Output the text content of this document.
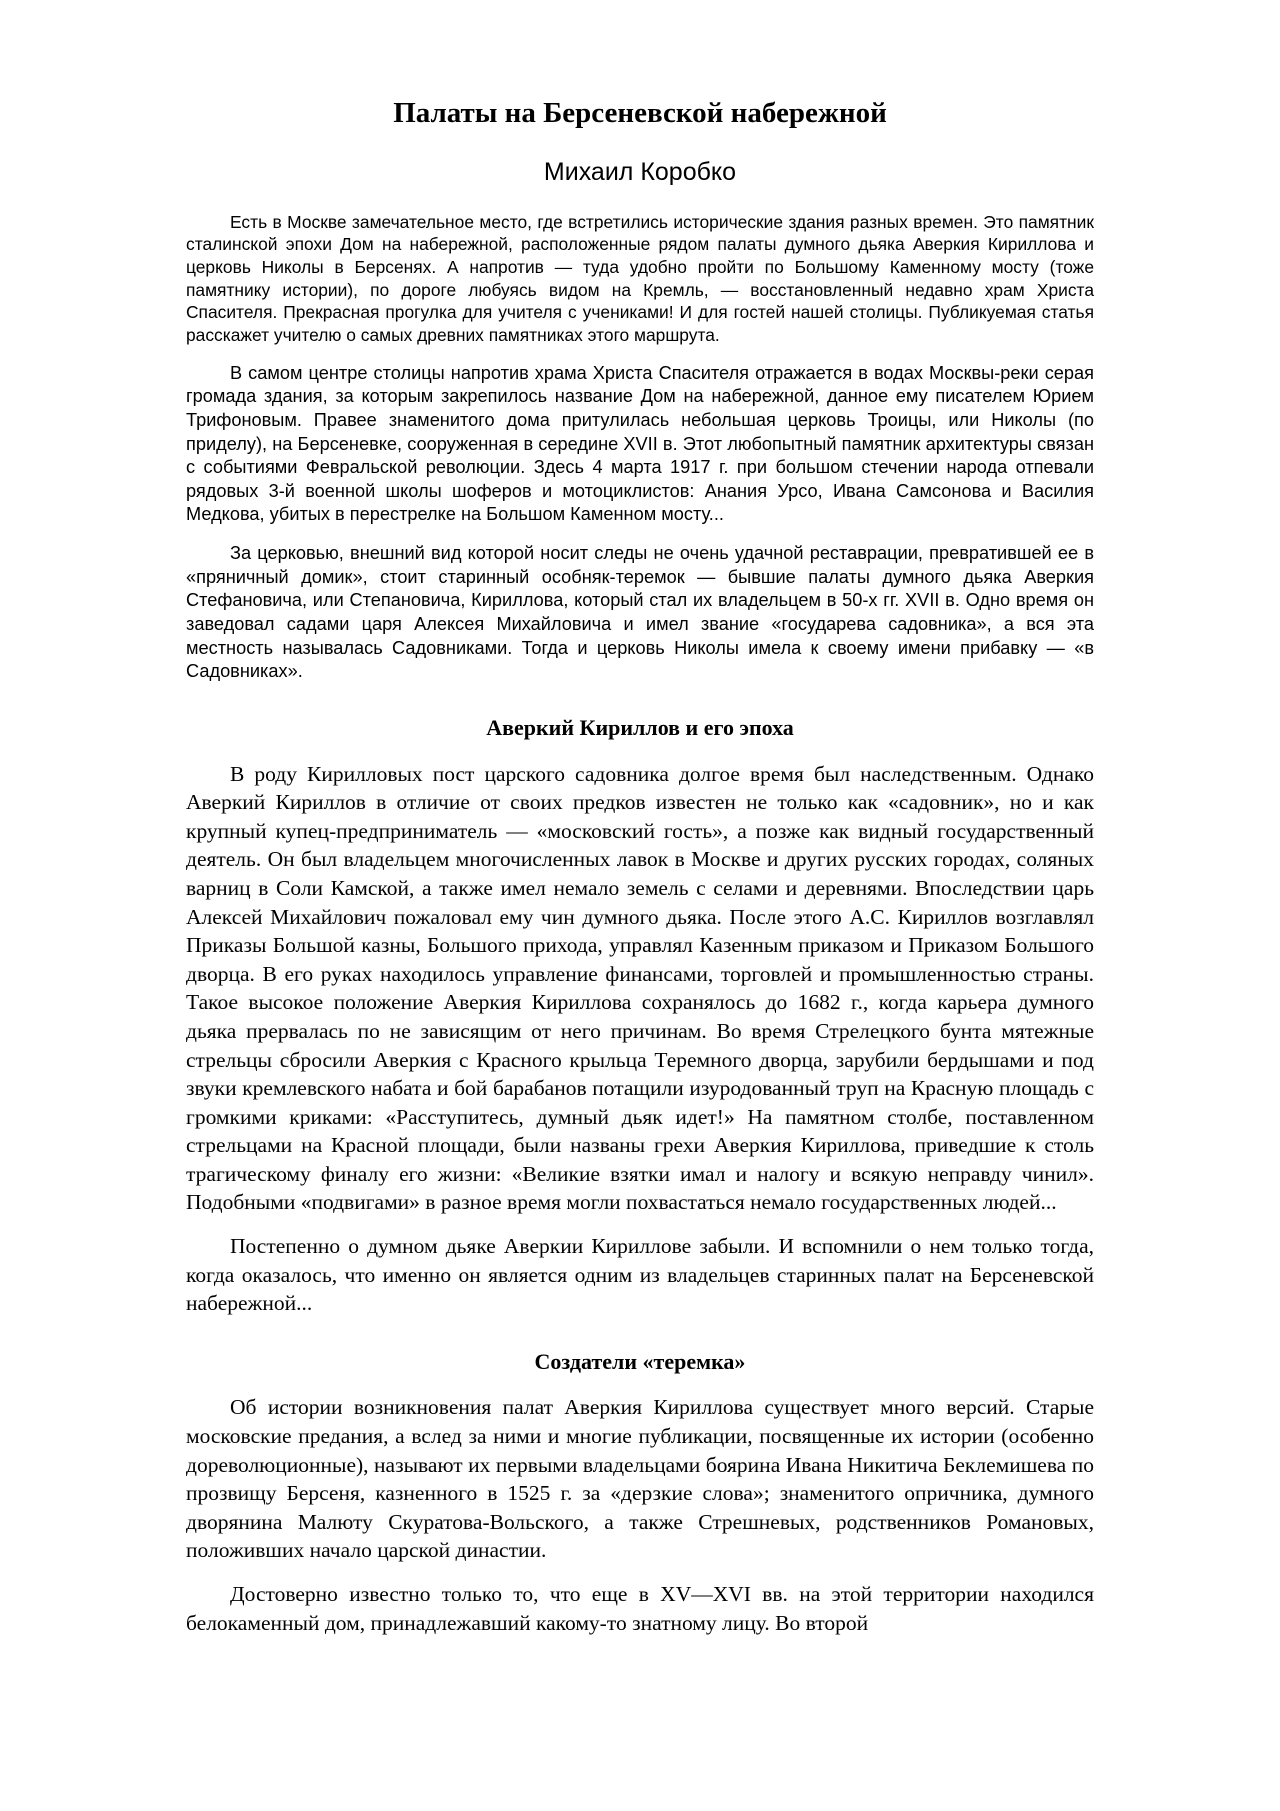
Палаты на Берсеневской набережной
Михаил Коробко

Есть в Москве замечательное место, где встретились исторические здания разных времен. Это памятник сталинской эпохи Дом на набережной, расположенные рядом палаты думного дьяка Аверкия Кириллова и церковь Николы в Берсенях. А напротив — туда удобно пройти по Большому Каменному мосту (тоже памятнику истории), по дороге любуясь видом на Кремль, — восстановленный недавно храм Христа Спасителя. Прекрасная прогулка для учителя с учениками! И для гостей нашей столицы. Публикуемая статья расскажет учителю о самых древних памятниках этого маршрута.

В самом центре столицы напротив храма Христа Спасителя отражается в водах Москвы-реки серая громада здания, за которым закрепилось название Дом на набережной, данное ему писателем Юрием Трифоновым. Правее знаменитого дома притулилась небольшая церковь Троицы, или Николы (по приделу), на Берсеневке, сооруженная в середине XVII в. Этот любопытный памятник архитектуры связан с событиями Февральской революции. Здесь 4 марта 1917 г. при большом стечении народа отпевали рядовых 3-й военной школы шоферов и мотоциклистов: Анания Урсо, Ивана Самсонова и Василия Медкова, убитых в перестрелке на Большом Каменном мосту...

За церковью, внешний вид которой носит следы не очень удачной реставрации, превратившей ее в «пряничный домик», стоит старинный особняк-теремок — бывшие палаты думного дьяка Аверкия Стефановича, или Степановича, Кириллова, который стал их владельцем в 50-х гг. XVII в. Одно время он заведовал садами царя Алексея Михайловича и имел звание «государева садовника», а вся эта местность называлась Садовниками. Тогда и церковь Николы имела к своему имени прибавку — «в Садовниках».

Аверкий Кириллов и его эпоха

В роду Кирилловых пост царского садовника долгое время был наследственным. Однако Аверкий Кириллов в отличие от своих предков известен не только как «садовник», но и как крупный купец-предприниматель — «московский гость», а позже как видный государственный деятель. Он был владельцем многочисленных лавок в Москве и других русских городах, соляных варниц в Соли Камской, а также имел немало земель с селами и деревнями. Впоследствии царь Алексей Михайлович пожаловал ему чин думного дьяка. После этого А.С. Кириллов возглавлял Приказы Большой казны, Большого прихода, управлял Казенным приказом и Приказом Большого дворца. В его руках находилось управление финансами, торговлей и промышленностью страны. Такое высокое положение Аверкия Кириллова сохранялось до 1682 г., когда карьера думного дьяка прервалась по не зависящим от него причинам. Во время Стрелецкого бунта мятежные стрельцы сбросили Аверкия с Красного крыльца Теремного дворца, зарубили бердышами и под звуки кремлевского набата и бой барабанов потащили изуродованный труп на Красную площадь с громкими криками: «Расступитесь, думный дьяк идет!» На памятном столбе, поставленном стрельцами на Красной площади, были названы грехи Аверкия Кириллова, приведшие к столь трагическому финалу его жизни: «Великие взятки имал и налогу и всякую неправду чинил». Подобными «подвигами» в разное время могли похвастаться немало государственных людей...

Постепенно о думном дьяке Аверкии Кириллове забыли. И вспомнили о нем только тогда, когда оказалось, что именно он является одним из владельцев старинных палат на Берсеневской набережной...

Создатели «теремка»

Об истории возникновения палат Аверкия Кириллова существует много версий. Старые московские предания, а вслед за ними и многие публикации, посвященные их истории (особенно дореволюционные), называют их первыми владельцами боярина Ивана Никитича Беклемишева по прозвищу Берсеня, казненного в 1525 г. за «дерзкие слова»; знаменитого опричника, думного дворянина Малюту Скуратова-Вольского, а также Стрешневых, родственников Романовых, положивших начало царской династии.

Достоверно известно только то, что еще в XV—XVI вв. на этой территории находился белокаменный дом, принадлежавший какому-то знатному лицу. Во второй
